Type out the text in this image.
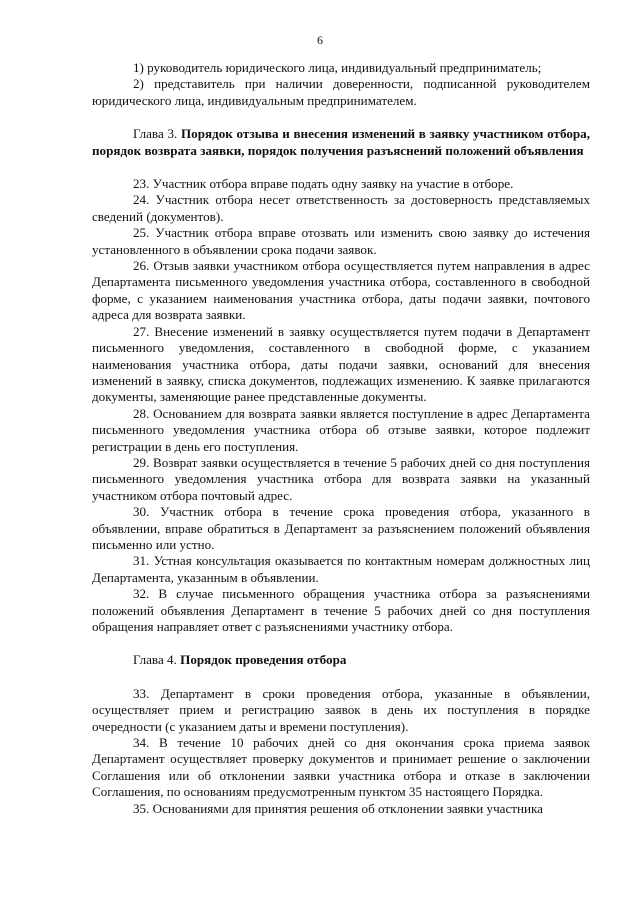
6

1) руководитель юридического лица, индивидуальный предприниматель;

2) представитель при наличии доверенности, подписанной руководителем юридического лица, индивидуальным предпринимателем.

Глава 3. Порядок отзыва и внесения изменений в заявку участником отбора, порядок возврата заявки, порядок получения разъяснений положений объявления

23. Участник отбора вправе подать одну заявку на участие в отборе.

24. Участник отбора несет ответственность за достоверность представляемых сведений (документов).

25. Участник отбора вправе отозвать или изменить свою заявку до истечения установленного в объявлении срока подачи заявок.

26. Отзыв заявки участником отбора осуществляется путем направления в адрес Департамента письменного уведомления участника отбора, составленного в свободной форме, с указанием наименования участника отбора, даты подачи заявки, почтового адреса для возврата заявки.

27. Внесение изменений в заявку осуществляется путем подачи в Департамент письменного уведомления, составленного в свободной форме, с указанием наименования участника отбора, даты подачи заявки, оснований для внесения изменений в заявку, списка документов, подлежащих изменению. К заявке прилагаются документы, заменяющие ранее представленные документы.

28. Основанием для возврата заявки является поступление в адрес Департамента письменного уведомления участника отбора об отзыве заявки, которое подлежит регистрации в день его поступления.

29. Возврат заявки осуществляется в течение 5 рабочих дней со дня поступления письменного уведомления участника отбора для возврата заявки на указанный участником отбора почтовый адрес.

30. Участник отбора в течение срока проведения отбора, указанного в объявлении, вправе обратиться в Департамент за разъяснением положений объявления письменно или устно.

31. Устная консультация оказывается по контактным номерам должностных лиц Департамента, указанным в объявлении.

32. В случае письменного обращения участника отбора за разъяснениями положений объявления Департамент в течение 5 рабочих дней со дня поступления обращения направляет ответ с разъяснениями участнику отбора.

Глава 4. Порядок проведения отбора

33. Департамент в сроки проведения отбора, указанные в объявлении, осуществляет прием и регистрацию заявок в день их поступления в порядке очередности (с указанием даты и времени поступления).

34. В течение 10 рабочих дней со дня окончания срока приема заявок Департамент осуществляет проверку документов и принимает решение о заключении Соглашения или об отклонении заявки участника отбора и отказе в заключении Соглашения, по основаниям предусмотренным пунктом 35 настоящего Порядка.

35. Основаниями для принятия решения об отклонении заявки участника
